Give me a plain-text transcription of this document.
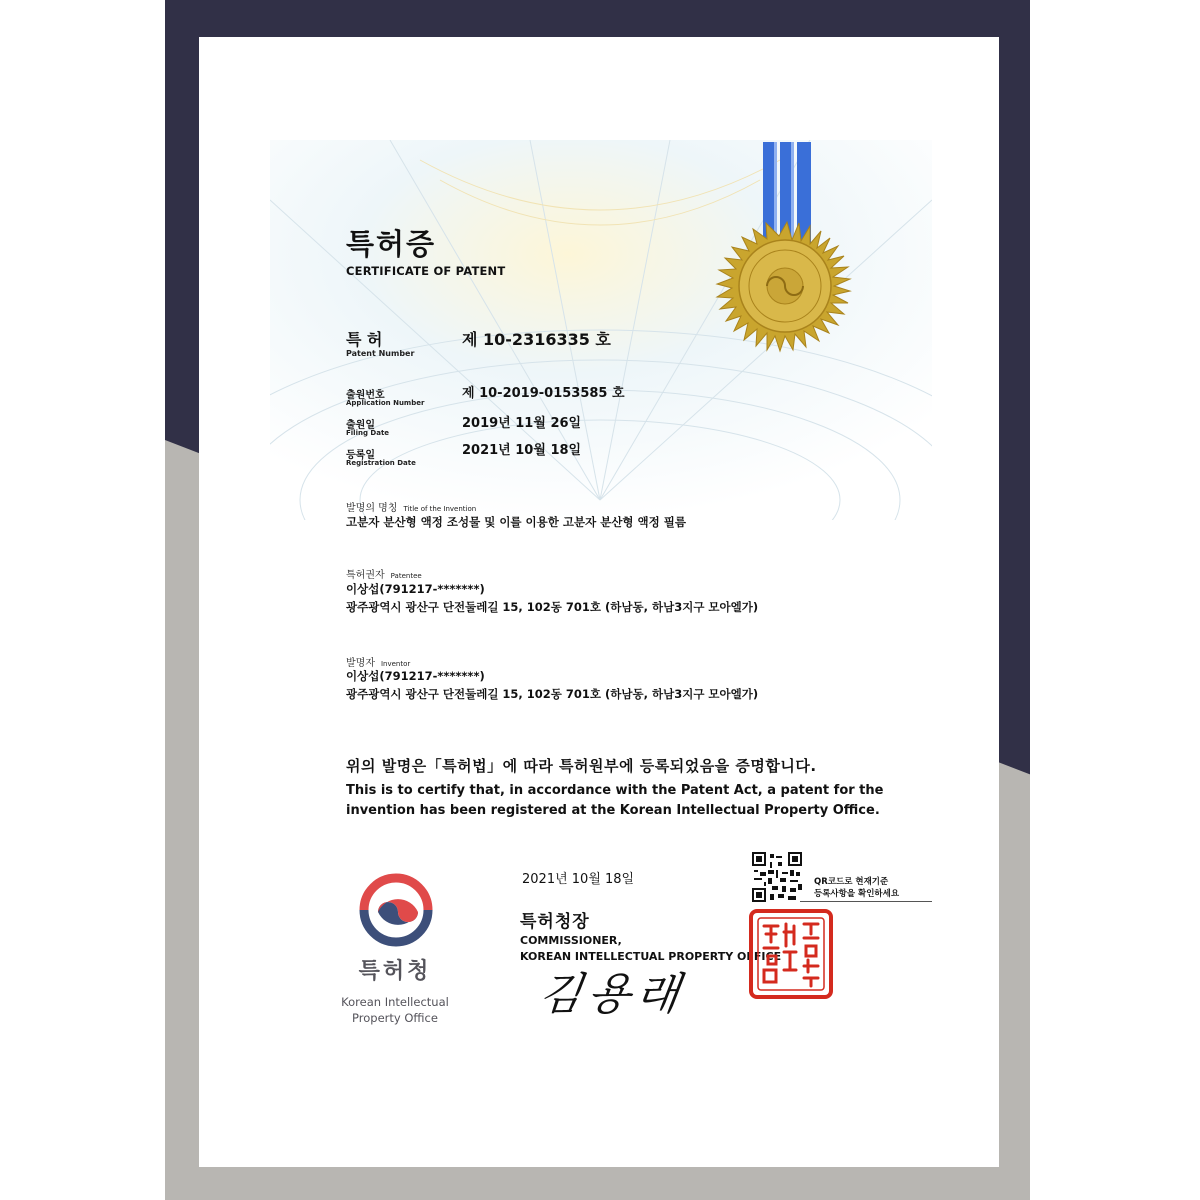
특허증
CERTIFICATE OF PATENT
특 허
Patent Number
제 10-2316335 호
출원번호
Application Number
제 10-2019-0153585 호
출원일
Filing Date
2019년 11월 26일
등록일
Registration Date
2021년 10월 18일
발명의 명칭 Title of the Invention
고분자 분산형 액정 조성물 및 이를 이용한 고분자 분산형 액정 필름
특허권자 Patentee
이상섭(791217-*******)
광주광역시 광산구 단전둘레길 15, 102동 701호 (하남동, 하남3지구 모아엘가)
발명자 Inventor
이상섭(791217-*******)
광주광역시 광산구 단전둘레길 15, 102동 701호 (하남동, 하남3지구 모아엘가)
위의 발명은「특허법」에 따라 특허원부에 등록되었음을 증명합니다.
This is to certify that, in accordance with the Patent Act, a patent for the invention has been registered at the Korean Intellectual Property Office.
특허청
Korean Intellectual
Property Office
2021년 10월 18일	QR코드로 현재기준
등록사항을 확인하세요
특허청장
COMMISSIONER,
KOREAN INTELLECTUAL PROPERTY OFFICE
김용래
